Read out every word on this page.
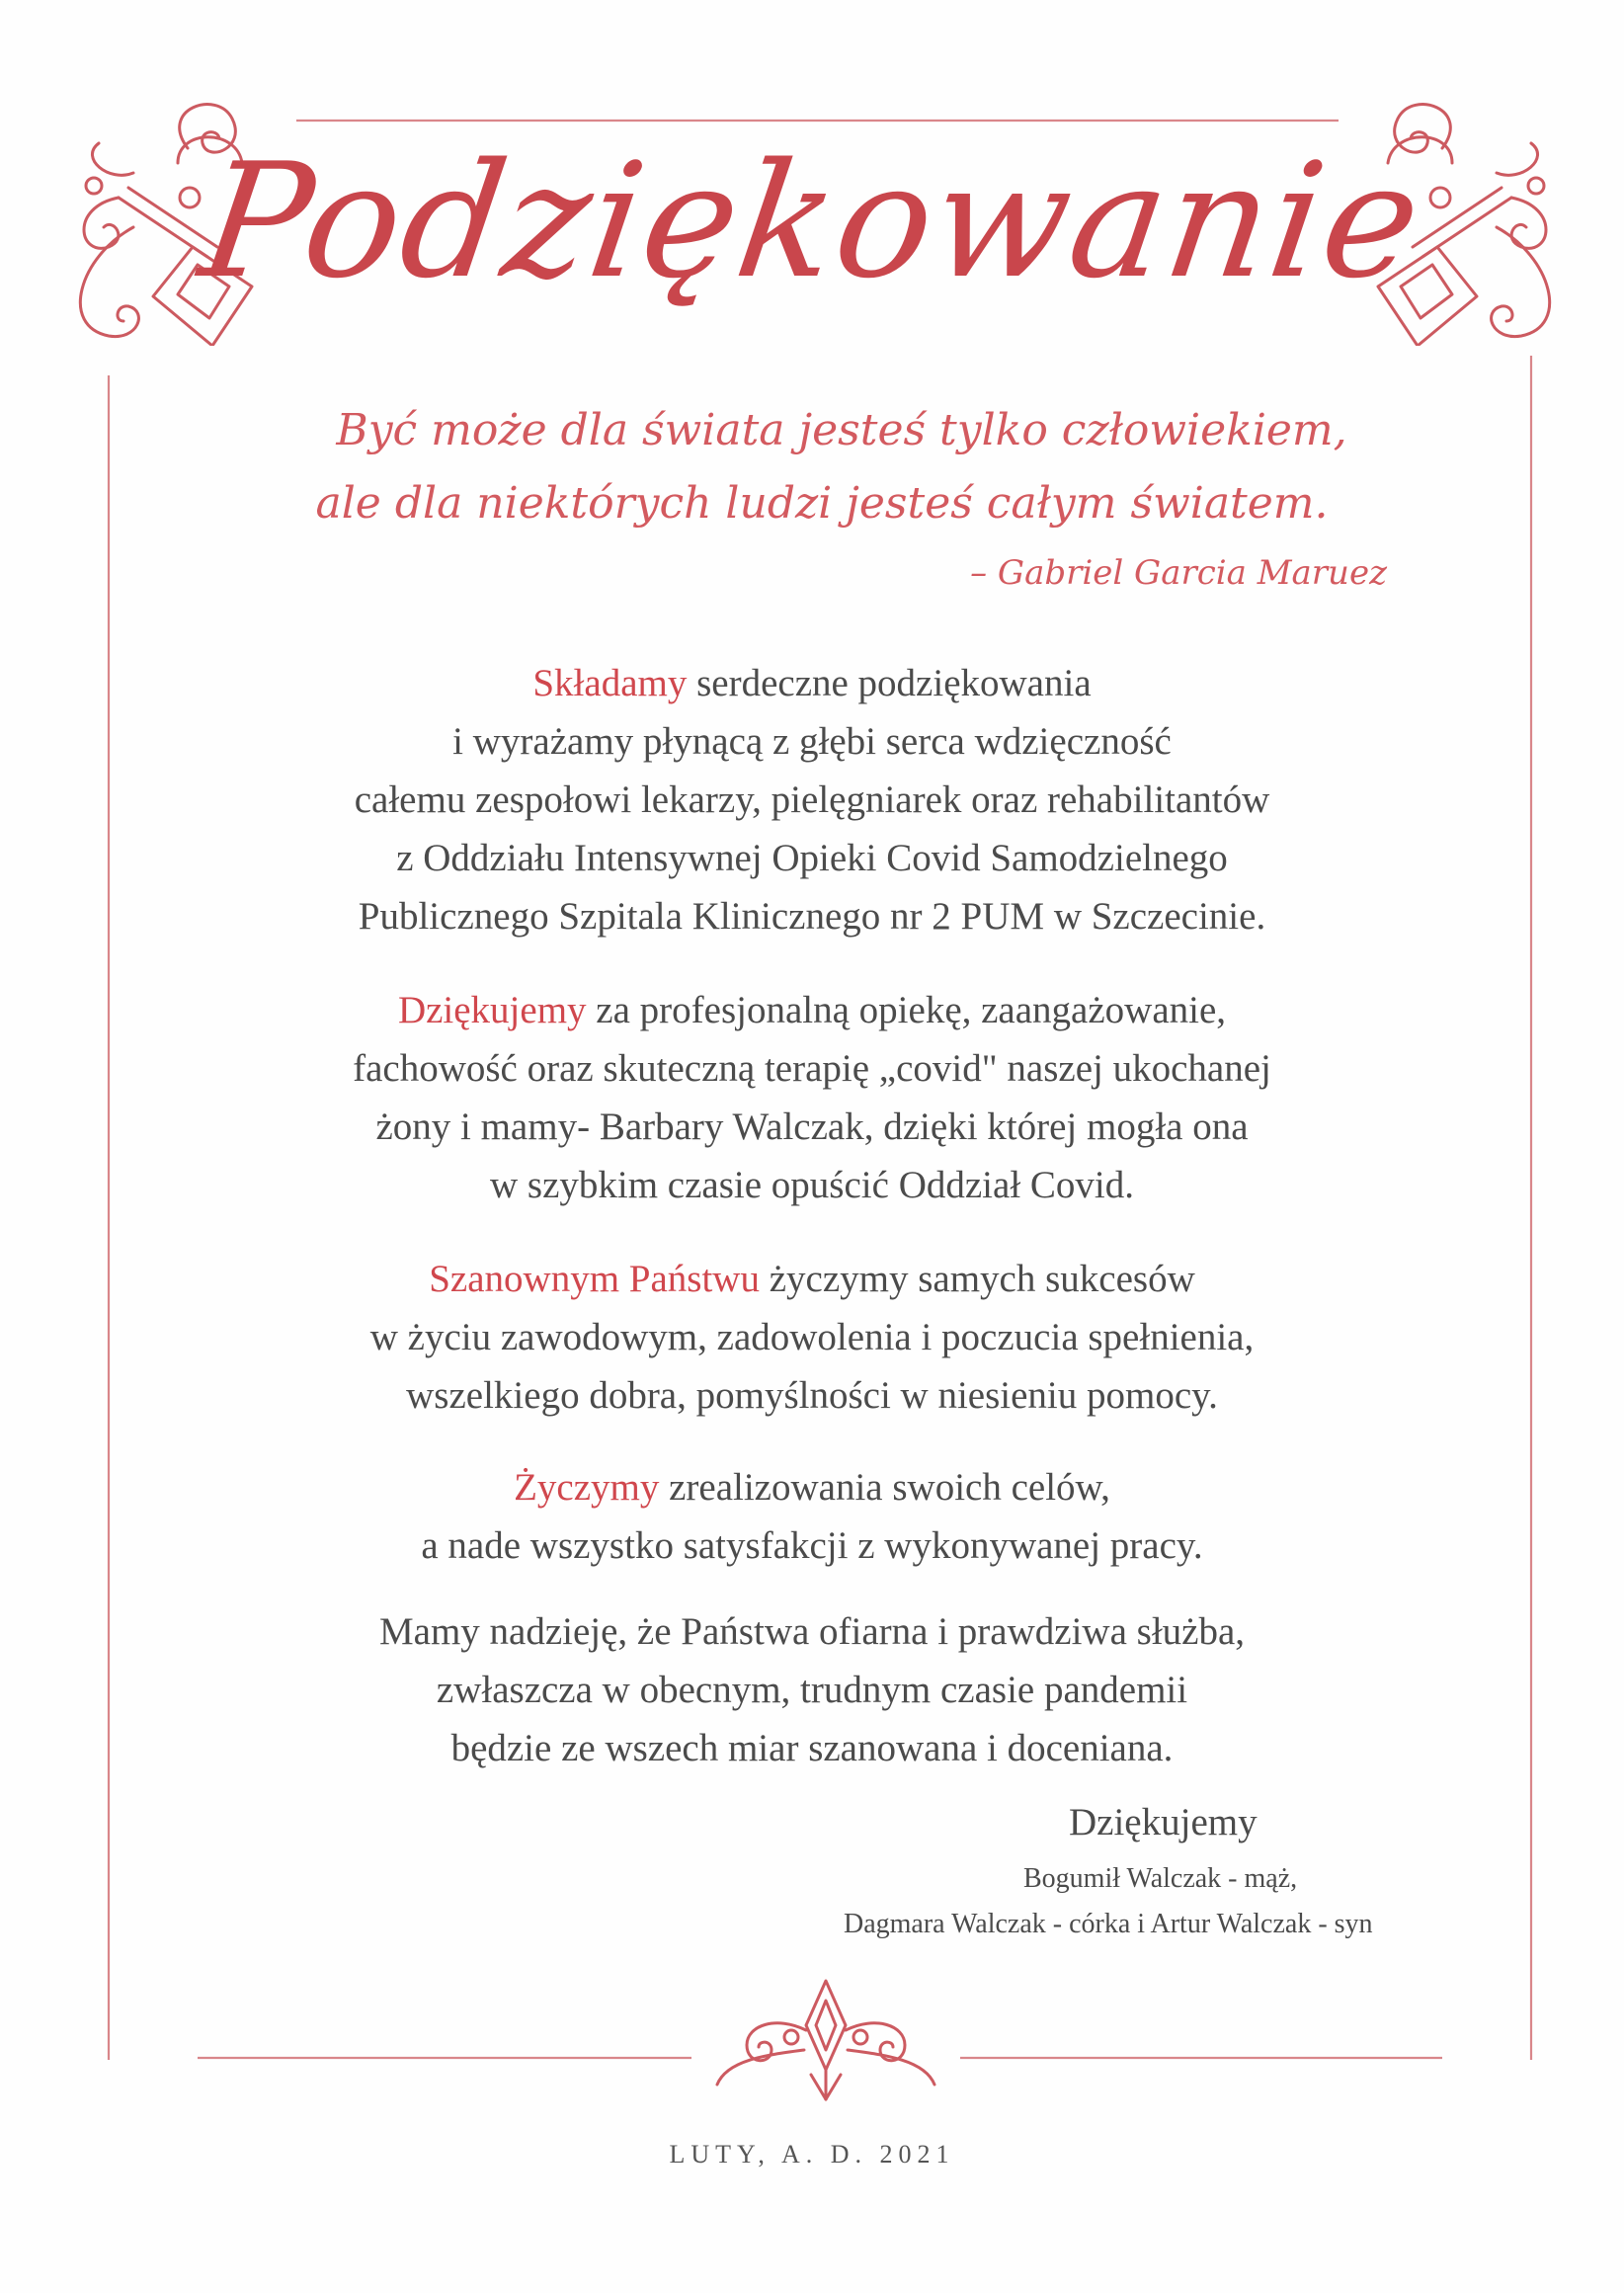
Podziękowanie
Być może dla świata jesteś tylko człowiekiem,
ale dla niektórych ludzi jesteś całym światem.
– Gabriel Garcia Maruez
Składamy serdeczne podziękowania
i wyrażamy płynącą z głębi serca wdzięczność
całemu zespołowi lekarzy, pielęgniarek oraz rehabilitantów
z Oddziału Intensywnej Opieki Covid Samodzielnego
Publicznego Szpitala Klinicznego nr 2 PUM w Szczecinie.
Dziękujemy za profesjonalną opiekę, zaangażowanie,
fachowość oraz skuteczną terapię „covid" naszej ukochanej
żony i mamy- Barbary Walczak, dzięki której mogła ona
w szybkim czasie opuścić Oddział Covid.
Szanownym Państwu życzymy samych sukcesów
w życiu zawodowym, zadowolenia i poczucia spełnienia,
wszelkiego dobra, pomyślności w niesieniu pomocy.
Życzymy zrealizowania swoich celów,
a nade wszystko satysfakcji z wykonywanej pracy.
Mamy nadzieję, że Państwa ofiarna i prawdziwa służba,
zwłaszcza w obecnym, trudnym czasie pandemii
będzie ze wszech miar szanowana i doceniana.
Dziękujemy
Bogumił Walczak - mąż,
Dagmara Walczak - córka i Artur Walczak - syn
LUTY, A. D. 2021
